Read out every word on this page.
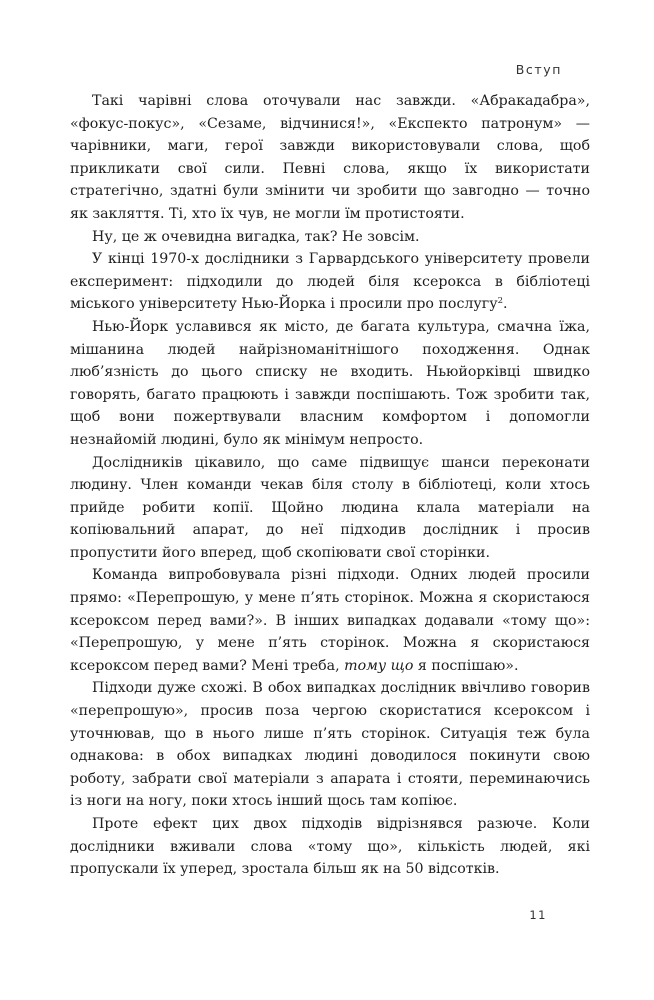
Вступ

Такі чарівні слова оточували нас завжди. «Абракадабра», «фокус-покус», «Сезаме, відчинися!», «Експекто патронум» — чарівники, маги, герої завжди використовували слова, щоб прикликати свої сили. Певні слова, якщо їх використати стратегічно, здатні були змінити чи зробити що завгодно — точно як закляття. Ті, хто їх чув, не могли їм протистояти.

Ну, це ж очевидна вигадка, так? Не зовсім.

У кінці 1970-х дослідники з Гарвардського університету провели експеримент: підходили до людей біля ксерокса в бібліотеці міського університету Нью-Йорка і просили про послугу$^2$.

Нью-Йорк уславився як місто, де багата культура, смачна їжа, мішанина людей найрізноманітнішого походження. Однак люб’язність до цього списку не входить. Ньюйорківці швидко говорять, багато працюють і завжди поспішають. Тож зробити так, щоб вони пожертвували власним комфортом і допомогли незнайомій людині, було як мінімум непросто.

Дослідників цікавило, що саме підвищує шанси переконати людину. Член команди чекав біля столу в бібліотеці, коли хтось прийде робити копії. Щойно людина клала матеріали на копіювальний апарат, до неї підходив дослідник і просив пропустити його вперед, щоб скопіювати свої сторінки.

Команда випробовувала різні підходи. Одних людей просили прямо: «Перепрошую, у мене п’ять сторінок. Можна я скористаюся ксероксом перед вами?». В інших випадках додавали «тому що»: «Перепрошую, у мене п’ять сторінок. Можна я скористаюся ксероксом перед вами? Мені треба, тому що я поспішаю».

Підходи дуже схожі. В обох випадках дослідник ввічливо говорив «перепрошую», просив поза чергою скористатися ксероксом і уточнював, що в нього лише п’ять сторінок. Ситуація теж була однакова: в обох випадках людині доводилося покинути свою роботу, забрати свої матеріали з апарата і стояти, переминаючись із ноги на ногу, поки хтось інший щось там копіює.

Проте ефект цих двох підходів відрізнявся разюче. Коли дослідники вживали слова «тому що», кількість людей, які пропускали їх уперед, зростала більш як на 50 відсотків.

11
